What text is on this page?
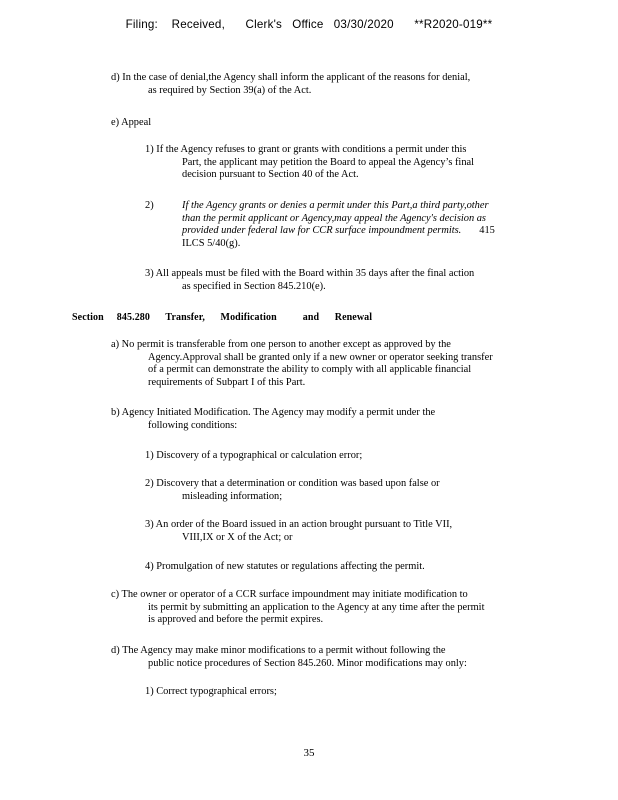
Filing:    Received,      Clerk's   Office   03/30/2020      **R2020-019**
d) In the case of denial,the Agency shall inform the applicant of the reasons for denial,
as required by Section 39(a) of the Act.
e) Appeal
1) If the Agency refuses to grant or grants with conditions a permit under this
Part, the applicant may petition the Board to appeal the Agency’s final
decision pursuant to Section 40 of the Act.
2)	If the Agency grants or denies a permit under this Part,a third party,other
than the permit applicant or Agency,may appeal the Agency's decision as
provided under federal law for CCR surface impoundment permits. 415
ILCS 5/40(g).
3) All appeals must be filed with the Board within 35 days after the final action
as specified in Section 845.210(e).
Section     845.280      Transfer,      Modification          and      Renewal
a) No permit is transferable from one person to another except as approved by the
Agency.Approval shall be granted only if a new owner or operator seeking transfer
of a permit can demonstrate the ability to comply with all applicable financial
requirements of Subpart I of this Part.
b) Agency Initiated Modification. The Agency may modify a permit under the
following conditions:
1) Discovery of a typographical or calculation error;
2) Discovery that a determination or condition was based upon false or
misleading information;
3) An order of the Board issued in an action brought pursuant to Title VII,
VIII,IX or X of the Act; or
4) Promulgation of new statutes or regulations affecting the permit.
c) The owner or operator of a CCR surface impoundment may initiate modification to
its permit by submitting an application to the Agency at any time after the permit
is approved and before the permit expires.
d) The Agency may make minor modifications to a permit without following the
public notice procedures of Section 845.260. Minor modifications may only:
1) Correct typographical errors;
35
